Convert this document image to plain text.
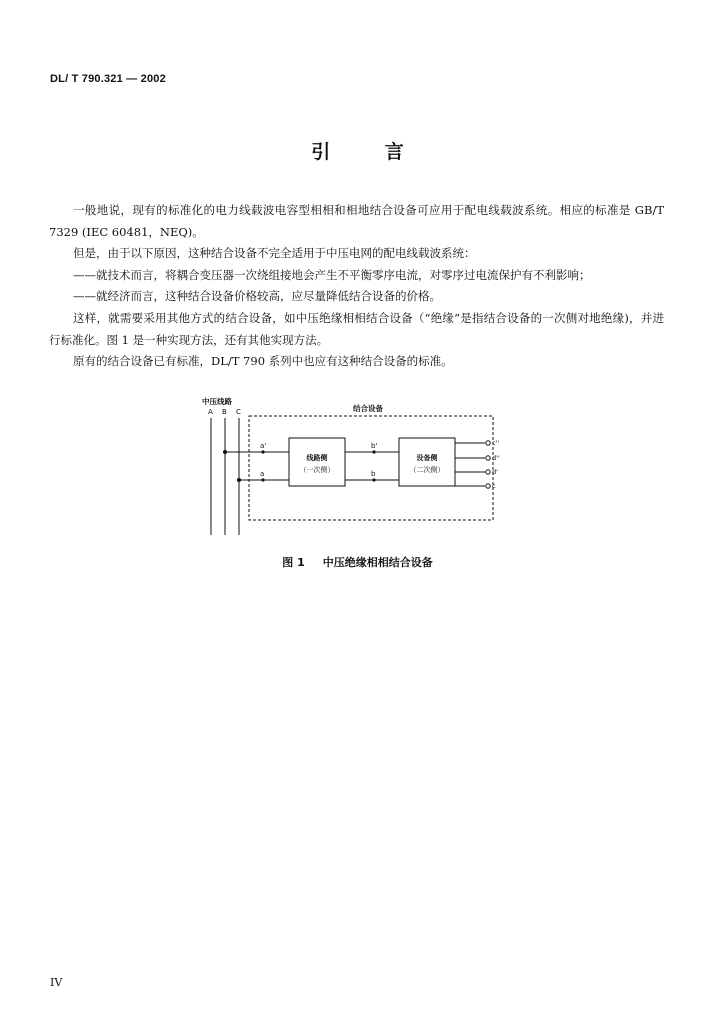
DL/ T 790.321 — 2002
引 言

一般地说，现有的标准化的电力线载波电容型相相和相地结合设备可应用于配电线载波系统。相应的标准是 GB/T 7329 (IEC 60481，NEQ)。

但是，由于以下原因，这种结合设备不完全适用于中压电网的配电线载波系统：

——就技术而言，将耦合变压器一次绕组接地会产生不平衡零序电流，对零序过电流保护有不利影响；

——就经济而言，这种结合设备价格较高，应尽量降低结合设备的价格。

这样，就需要采用其他方式的结合设备，如中压绝缘相相结合设备（“绝缘”是指结合设备的一次侧对地绝缘)，并进行标准化。图 1 是一种实现方法，还有其他实现方法。

原有的结合设备已有标准，DL/T 790 系列中也应有这种结合设备的标准。

中压线路
A B C	结合设备
a'
a
b'
b
线路侧
（一次侧）
设备侧
（二次侧）
c''
d''
d'
c
图 1 中压绝缘相相结合设备
IV
